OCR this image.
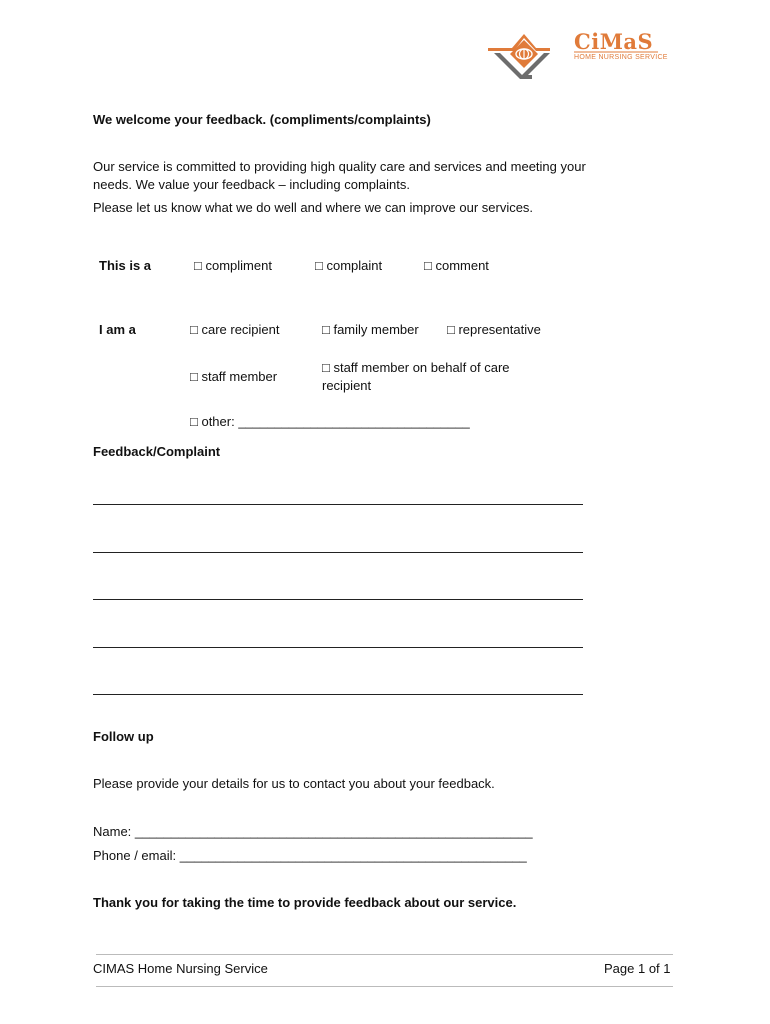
CiMaS
HOME NURSING SERVICE
We welcome your feedback. (compliments/complaints)
Our service is committed to providing high quality care and services and meeting your
needs. We value your feedback – including complaints.
Please let us know what we do well and where we can improve our services.
This is a	□ compliment	□ complaint	□ comment
I am a	□ care recipient	□ family member □ representative
□ staff member
□ staff member on behalf of care
recipient
□ other: ________________________________
Feedback/Complaint
Follow up
Please provide your details for us to contact you about your feedback.
Name: _______________________________________________________
Phone / email: ________________________________________________
Thank you for taking the time to provide feedback about our service.
CIMAS Home Nursing Service	Page 1 of 1
